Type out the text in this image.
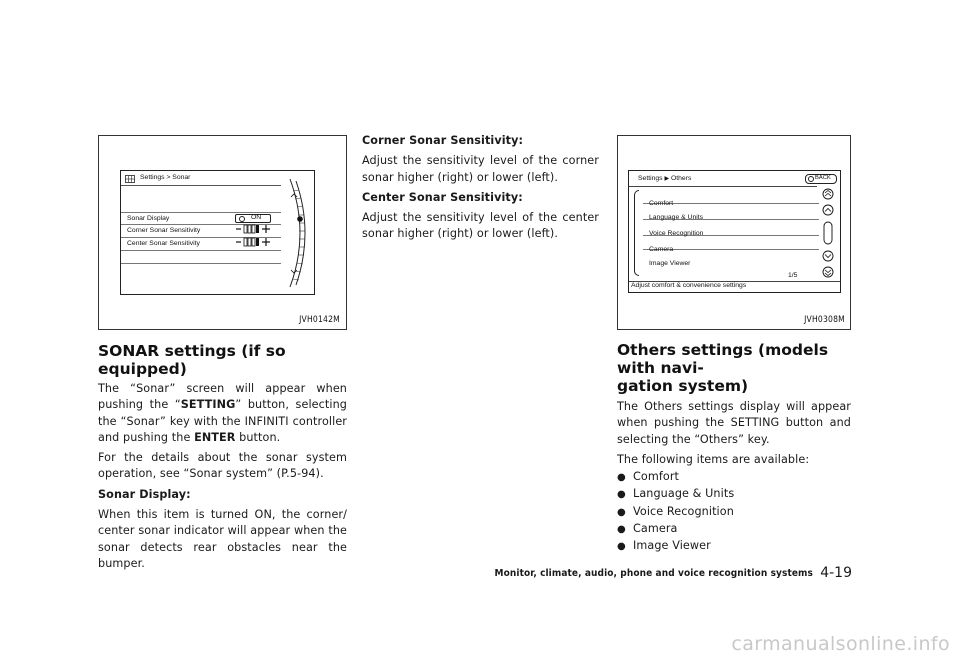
Settings > Sonar
Sonar Display	ON
Corner Sonar Sensitivity
Center Sonar Sensitivity
JVH0142M
SONAR settings (if so equipped)
The “Sonar” screen will appear when
pushing the “SETTING” button, selecting
the “Sonar” key with the INFINITI controller
and pushing the ENTER button.
For the details about the sonar system
operation, see “Sonar system” (P.5-94).
Sonar Display:
When this item is turned ON, the corner/
center sonar indicator will appear when the
sonar detects rear obstacles near the
bumper.
Corner Sonar Sensitivity:
Adjust the sensitivity level of the corner
sonar higher (right) or lower (left).
Center Sonar Sensitivity:
Adjust the sensitivity level of the center
sonar higher (right) or lower (left).
Settings ▶ Others	BACK
Comfort
Language & Units
Voice Recognition
Camera
Image Viewer
1/5
Adjust comfort & convenience settings
JVH0308M
Others settings (models with navi-
gation system)
The Others settings display will appear
when pushing the SETTING button and
selecting the “Others” key.
The following items are available:
● Comfort
● Language & Units
● Voice Recognition
● Camera
● Image Viewer
Monitor, climate, audio, phone and voice recognition systems 4-19
carmanualsonline.info
